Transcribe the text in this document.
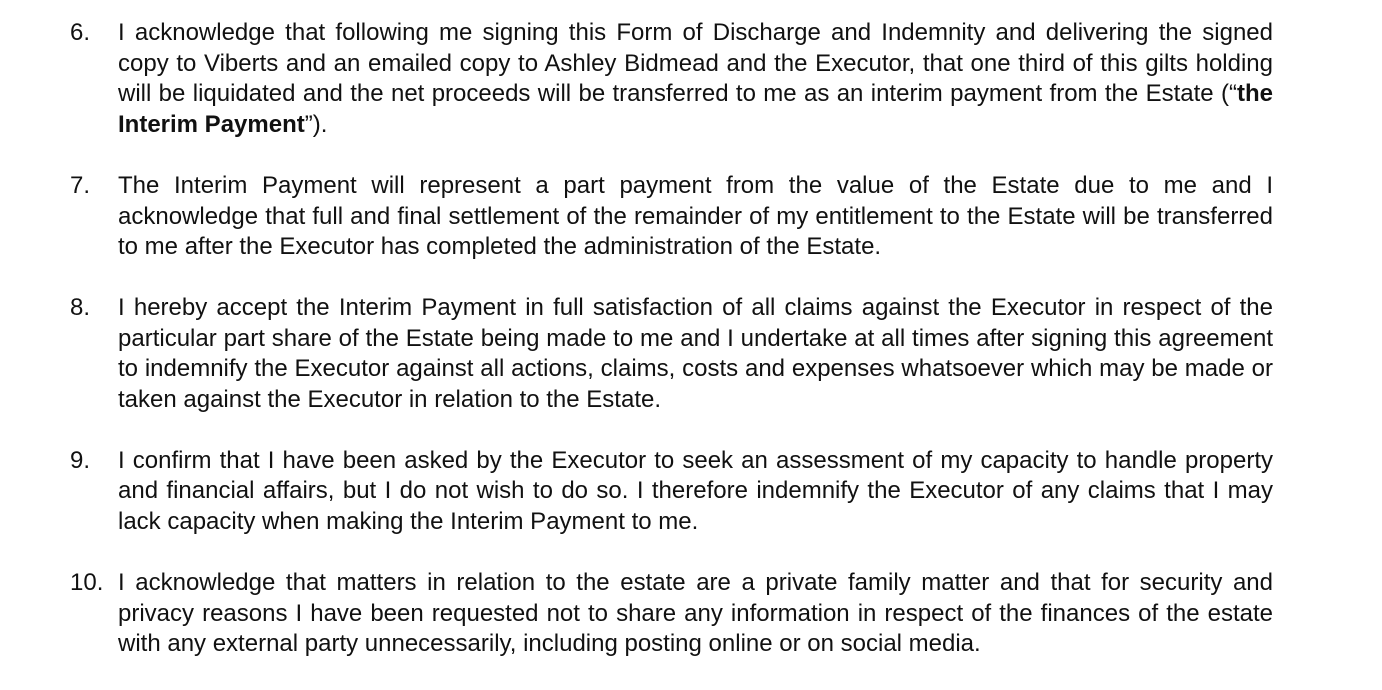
6. I acknowledge that following me signing this Form of Discharge and Indemnity and delivering the signed copy to Viberts and an emailed copy to Ashley Bidmead and the Executor, that one third of this gilts holding will be liquidated and the net proceeds will be transferred to me as an interim payment from the Estate (“the Interim Payment”).
7. The Interim Payment will represent a part payment from the value of the Estate due to me and I acknowledge that full and final settlement of the remainder of my entitlement to the Estate will be transferred to me after the Executor has completed the administration of the Estate.
8. I hereby accept the Interim Payment in full satisfaction of all claims against the Executor in respect of the particular part share of the Estate being made to me and I undertake at all times after signing this agreement to indemnify the Executor against all actions, claims, costs and expenses whatsoever which may be made or taken against the Executor in relation to the Estate.
9. I confirm that I have been asked by the Executor to seek an assessment of my capacity to handle property and financial affairs, but I do not wish to do so. I therefore indemnify the Executor of any claims that I may lack capacity when making the Interim Payment to me.
10. I acknowledge that matters in relation to the estate are a private family matter and that for security and privacy reasons I have been requested not to share any information in respect of the finances of the estate with any external party unnecessarily, including posting online or on social media.
